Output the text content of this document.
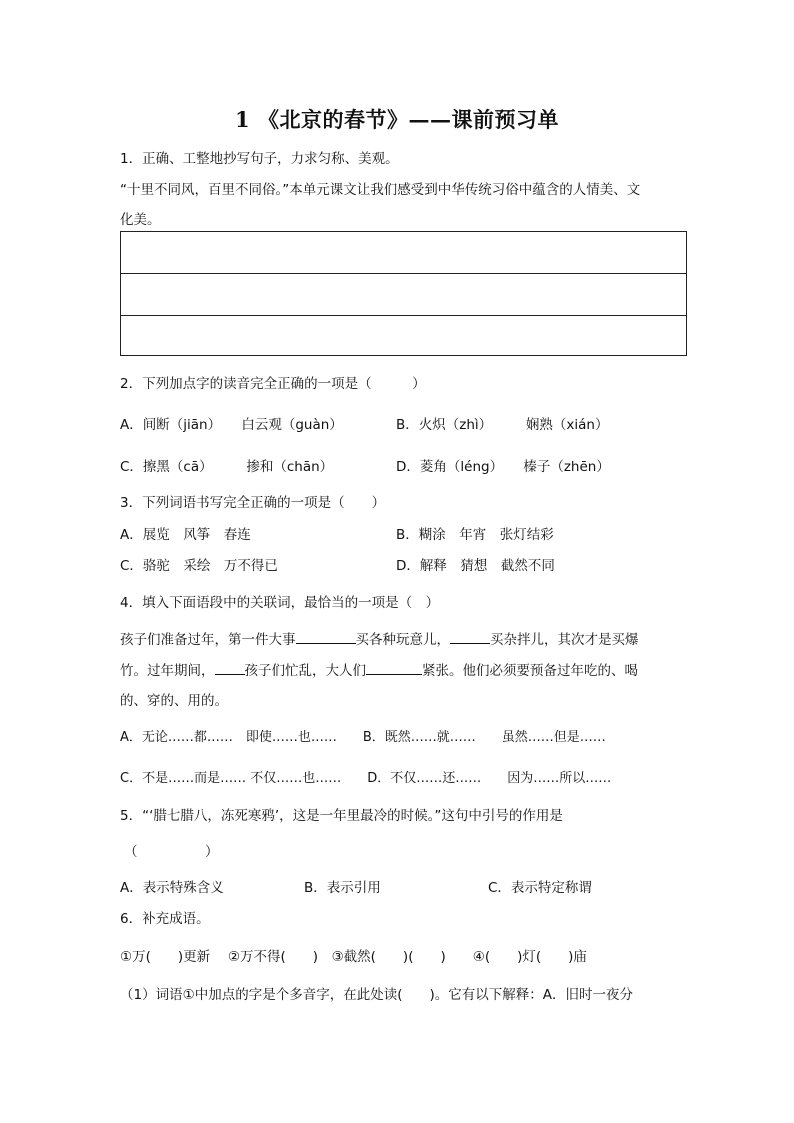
1 《北京的春节》——课前预习单
1．正确、工整地抄写句子，力求匀称、美观。
“十里不同风，百里不同俗。”本单元课文让我们感受到中华传统习俗中蕴含的人情美、文
化美。
2．下列加点字的读音完全正确的一项是（　　　）
A．间断（jiān）　　白云观（guàn）	B．火炽（zhì）　　　娴熟（xián）
C．擦黑（cā）　　　掺和（chān）	D．菱角（léng）　　榛子（zhēn）
3．下列词语书写完全正确的一项是（　　）
A．展览　风筝　春连	B．糊涂　年宵　张灯结彩
C．骆驼　采绘　万不得已	D．解释　猜想　截然不同
4．填入下面语段中的关联词，最恰当的一项是（　）
孩子们准备过年，第一件大事	买各种玩意儿，	买杂拌儿，其次才是买爆
竹。过年期间， 孩子们忙乱，大人们	紧张。他们必须要预备过年吃的、喝
的、穿的、用的。
A．无论……都……　即使……也……　　B．既然……就……　　虽然……但是……
C．不是……而是…… 不仅……也……　　D．不仅……还……　　因为……所以……
5．“‘腊七腊八，冻死寒鸦’，这是一年里最冷的时候。”这句中引号的作用是
（　　　　　）
A．表示特殊含义	B．表示引用	C．表示特定称谓
6．补充成语。
①万(　　)更新　 ②万不得(　　)　③截然(　　)(　　)　　④(　　)灯(　　)庙
（1）词语①中加点的字是个多音字，在此处读(　　)。它有以下解释：A．旧时一夜分
